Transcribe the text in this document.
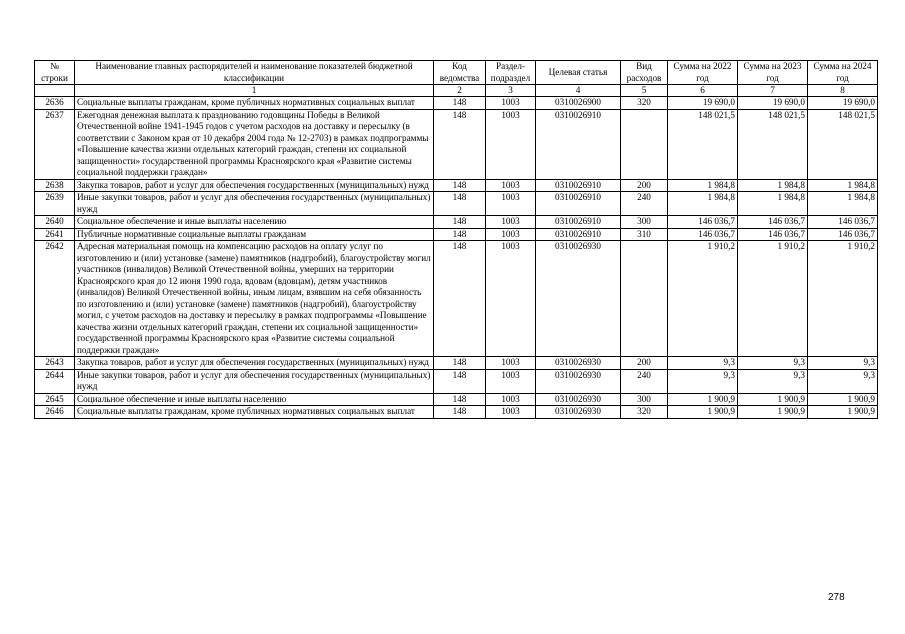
№ строки	Наименование главных распорядителей и наименование показателей бюджетной классификации	Код ведомства	Раздел-подраздел	Целевая статья	Вид расходов	Сумма на 2022 год	Сумма на 2023 год	Сумма на 2024 год
	1	2	3	4	5	6	7	8
2636	Социальные выплаты гражданам, кроме публичных нормативных социальных выплат	148	1003	0310026900	320	19 690,0	19 690,0	19 690,0
2637	Ежегодная денежная выплата к празднованию годовщины Победы в Великой Отечественной войне 1941-1945 годов с учетом расходов на доставку и пересылку (в соответствии с Законом края от 10 декабря 2004 года № 12-2703) в рамках подпрограммы «Повышение качества жизни отдельных категорий граждан, степени их социальной защищенности» государственной программы Красноярского края «Развитие системы социальной поддержки граждан»	148	1003	0310026910		148 021,5	148 021,5	148 021,5
2638	Закупка товаров, работ и услуг для обеспечения государственных (муниципальных) нужд	148	1003	0310026910	200	1 984,8	1 984,8	1 984,8
2639	Иные закупки товаров, работ и услуг для обеспечения государственных (муниципальных) нужд	148	1003	0310026910	240	1 984,8	1 984,8	1 984,8
2640	Социальное обеспечение и иные выплаты населению	148	1003	0310026910	300	146 036,7	146 036,7	146 036,7
2641	Публичные нормативные социальные выплаты гражданам	148	1003	0310026910	310	146 036,7	146 036,7	146 036,7
2642	Адресная материальная помощь на компенсацию расходов на оплату услуг по изготовлению и (или) установке (замене) памятников (надгробий), благоустройству могил участников (инвалидов) Великой Отечественной войны, умерших на территории Красноярского края до 12 июня 1990 года, вдовам (вдовцам), детям участников (инвалидов) Великой Отечественной войны, иным лицам, взявшим на себя обязанность по изготовлению и (или) установке (замене) памятников (надгробий), благоустройству могил, с учетом расходов на доставку и пересылку в рамках подпрограммы «Повышение качества жизни отдельных категорий граждан, степени их социальной защищенности» государственной программы Красноярского края «Развитие системы социальной поддержки граждан»	148	1003	0310026930		1 910,2	1 910,2	1 910,2
2643	Закупка товаров, работ и услуг для обеспечения государственных (муниципальных) нужд	148	1003	0310026930	200	9,3	9,3	9,3
2644	Иные закупки товаров, работ и услуг для обеспечения государственных (муниципальных) нужд	148	1003	0310026930	240	9,3	9,3	9,3
2645	Социальное обеспечение и иные выплаты населению	148	1003	0310026930	300	1 900,9	1 900,9	1 900,9
2646	Социальные выплаты гражданам, кроме публичных нормативных социальных выплат	148	1003	0310026930	320	1 900,9	1 900,9	1 900,9
278
